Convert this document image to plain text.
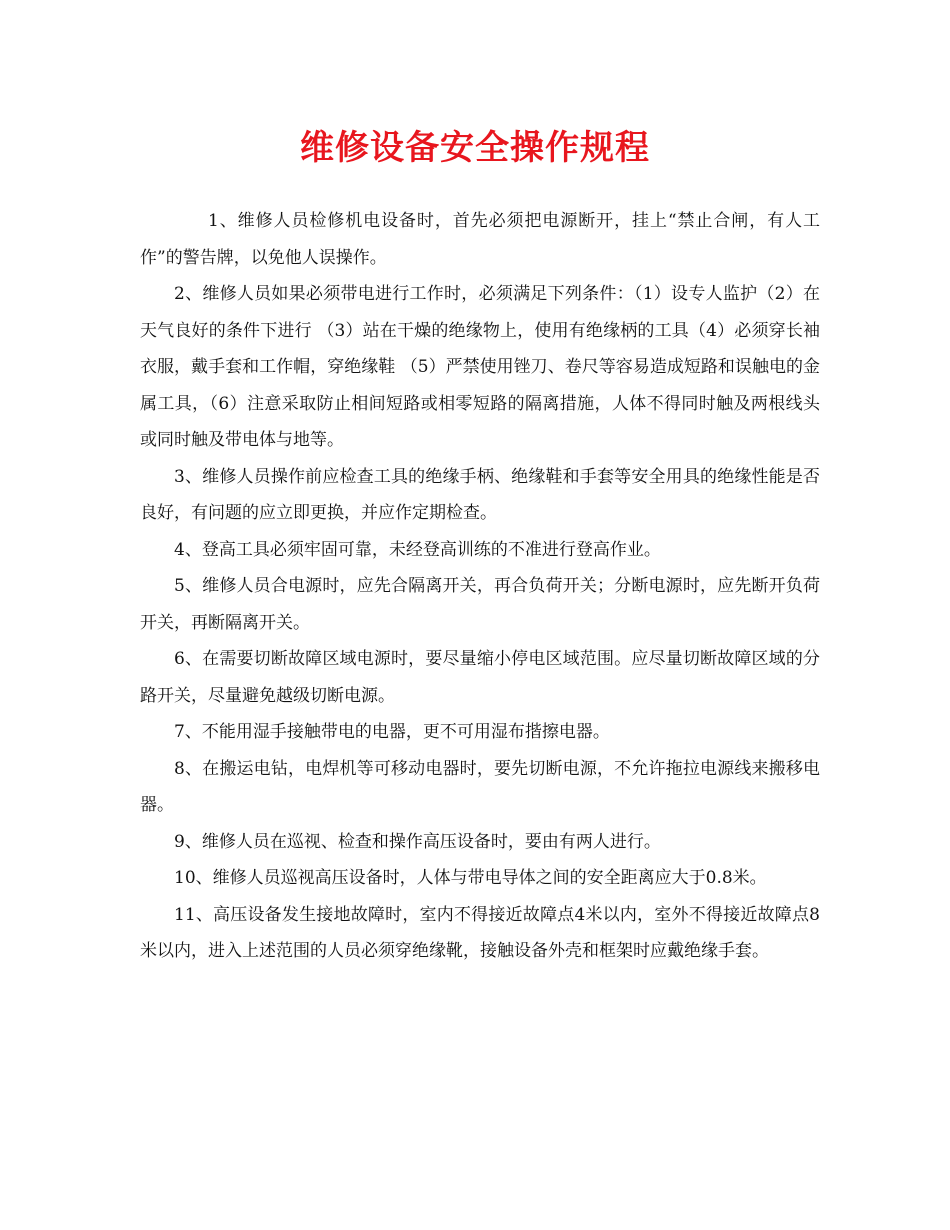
维修设备安全操作规程

1、维修人员检修机电设备时，首先必须把电源断开，挂上“禁止合闸，有人工作”的警告牌，以免他人误操作。

2、维修人员如果必须带电进行工作时，必须满足下列条件：（1）设专人监护（2）在天气良好的条件下进行 （3）站在干燥的绝缘物上，使用有绝缘柄的工具（4）必须穿长袖衣服，戴手套和工作帽，穿绝缘鞋 （5）严禁使用锉刀、卷尺等容易造成短路和误触电的金属工具，（6）注意采取防止相间短路或相零短路的隔离措施，人体不得同时触及两根线头或同时触及带电体与地等。

3、维修人员操作前应检查工具的绝缘手柄、绝缘鞋和手套等安全用具的绝缘性能是否良好，有问题的应立即更换，并应作定期检查。

4、登高工具必须牢固可靠，未经登高训练的不准进行登高作业。

5、维修人员合电源时，应先合隔离开关，再合负荷开关；分断电源时，应先断开负荷开关，再断隔离开关。

6、在需要切断故障区域电源时，要尽量缩小停电区域范围。应尽量切断故障区域的分路开关，尽量避免越级切断电源。

7、不能用湿手接触带电的电器，更不可用湿布揩擦电器。

8、在搬运电钻，电焊机等可移动电器时，要先切断电源，不允许拖拉电源线来搬移电器。

9、维修人员在巡视、检查和操作高压设备时，要由有两人进行。

10、维修人员巡视高压设备时，人体与带电导体之间的安全距离应大于0.8米。

11、高压设备发生接地故障时，室内不得接近故障点4米以内，室外不得接近故障点8米以内，进入上述范围的人员必须穿绝缘靴，接触设备外壳和框架时应戴绝缘手套。
